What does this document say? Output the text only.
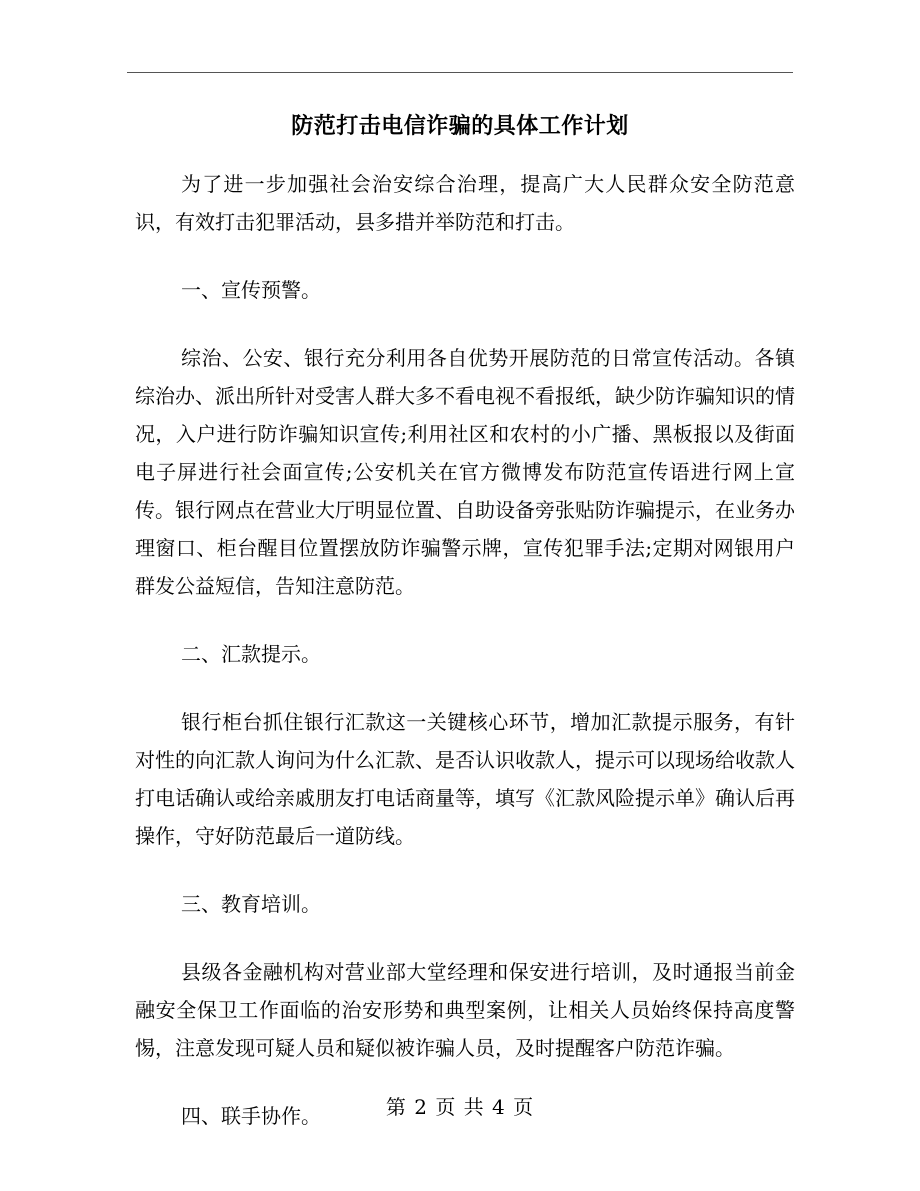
防范打击电信诈骗的具体工作计划

为了进一步加强社会治安综合治理，提高广大人民群众安全防范意识，有效打击犯罪活动，县多措并举防范和打击。

一、宣传预警。

综治、公安、银行充分利用各自优势开展防范的日常宣传活动。各镇综治办、派出所针对受害人群大多不看电视不看报纸，缺少防诈骗知识的情况，入户进行防诈骗知识宣传;利用社区和农村的小广播、黑板报以及街面电子屏进行社会面宣传;公安机关在官方微博发布防范宣传语进行网上宣传。银行网点在营业大厅明显位置、自助设备旁张贴防诈骗提示，在业务办理窗口、柜台醒目位置摆放防诈骗警示牌，宣传犯罪手法;定期对网银用户群发公益短信，告知注意防范。

二、汇款提示。

银行柜台抓住银行汇款这一关键核心环节，增加汇款提示服务，有针对性的向汇款人询问为什么汇款、是否认识收款人，提示可以现场给收款人打电话确认或给亲戚朋友打电话商量等，填写《汇款风险提示单》确认后再操作，守好防范最后一道防线。

三、教育培训。

县级各金融机构对营业部大堂经理和保安进行培训，及时通报当前金融安全保卫工作面临的治安形势和典型案例，让相关人员始终保持高度警惕，注意发现可疑人员和疑似被诈骗人员，及时提醒客户防范诈骗。

四、联手协作。	第 2 页 共 4 页
